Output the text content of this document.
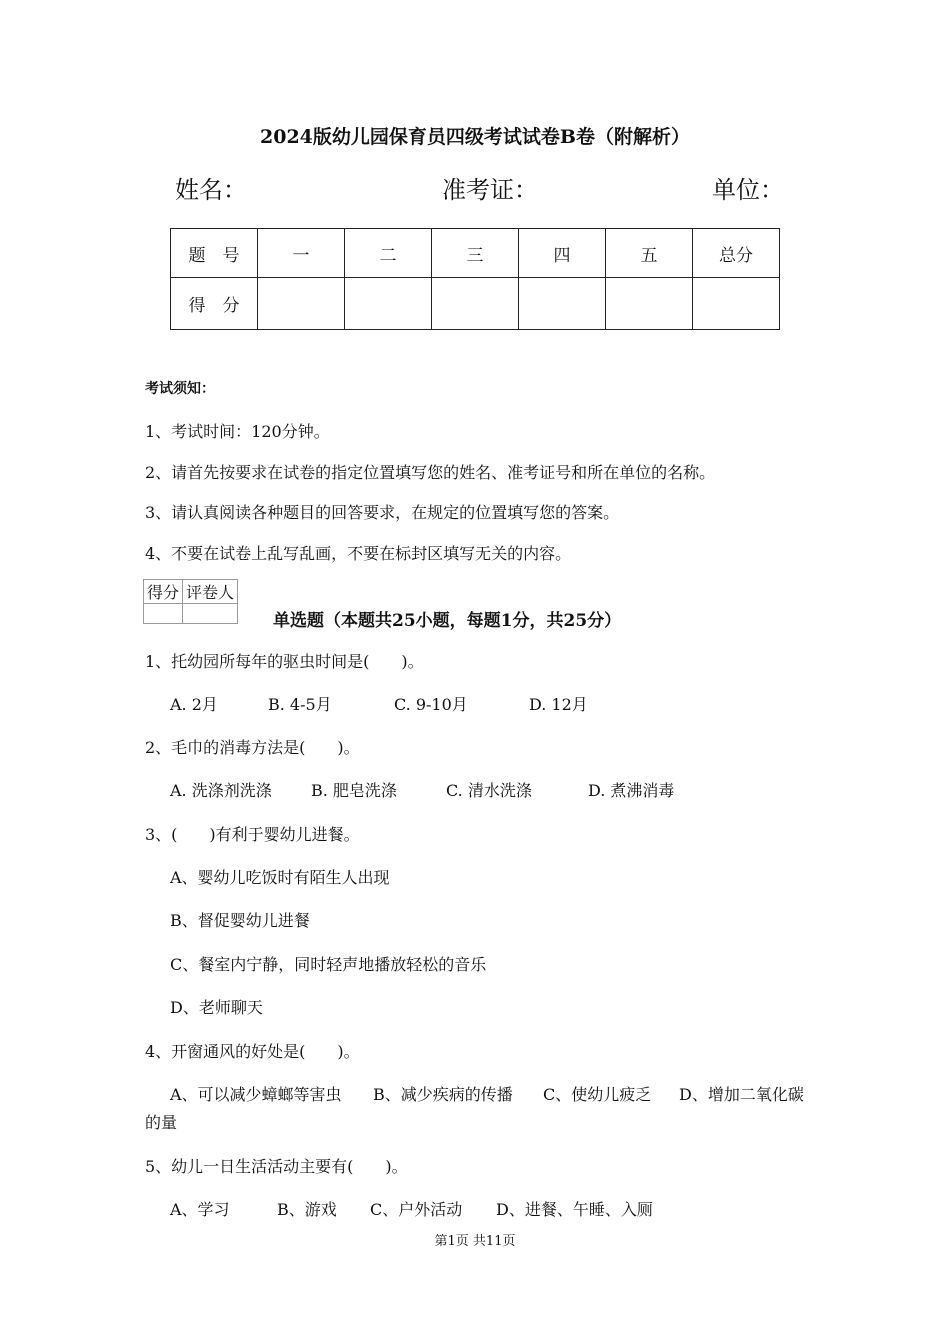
2024版幼儿园保育员四级考试试卷B卷（附解析）
姓名：	准考证：	单位：
题　号	一	二	三	四	五	总分
得　分						
考试须知：
1、考试时间：120分钟。
2、请首先按要求在试卷的指定位置填写您的姓名、准考证号和所在单位的名称。
3、请认真阅读各种题目的回答要求，在规定的位置填写您的答案。
4、不要在试卷上乱写乱画，不要在标封区填写无关的内容。
得分	评卷人

单选题（本题共25小题，每题1分，共25分）
1、托幼园所每年的驱虫时间是(　　)。
A. 2月	B. 4-5月	C. 9-10月	D. 12月
2、毛巾的消毒方法是(　　)。
A. 洗涤剂洗涤 B. 肥皂洗涤	C. 清水洗涤	D. 煮沸消毒
3、(　　)有利于婴幼儿进餐。
A、婴幼儿吃饭时有陌生人出现
B、督促婴幼儿进餐
C、餐室内宁静，同时轻声地播放轻松的音乐
D、老师聊天
4、开窗通风的好处是(　　)。
A、可以减少蟑螂等害虫 B、减少疾病的传播 C、使幼儿疲乏 D、增加二氧化碳
的量
5、幼儿一日生活活动主要有(　　)。
A、学习	B、游戏 C、户外活动 D、进餐、午睡、入厕
第1页 共11页
